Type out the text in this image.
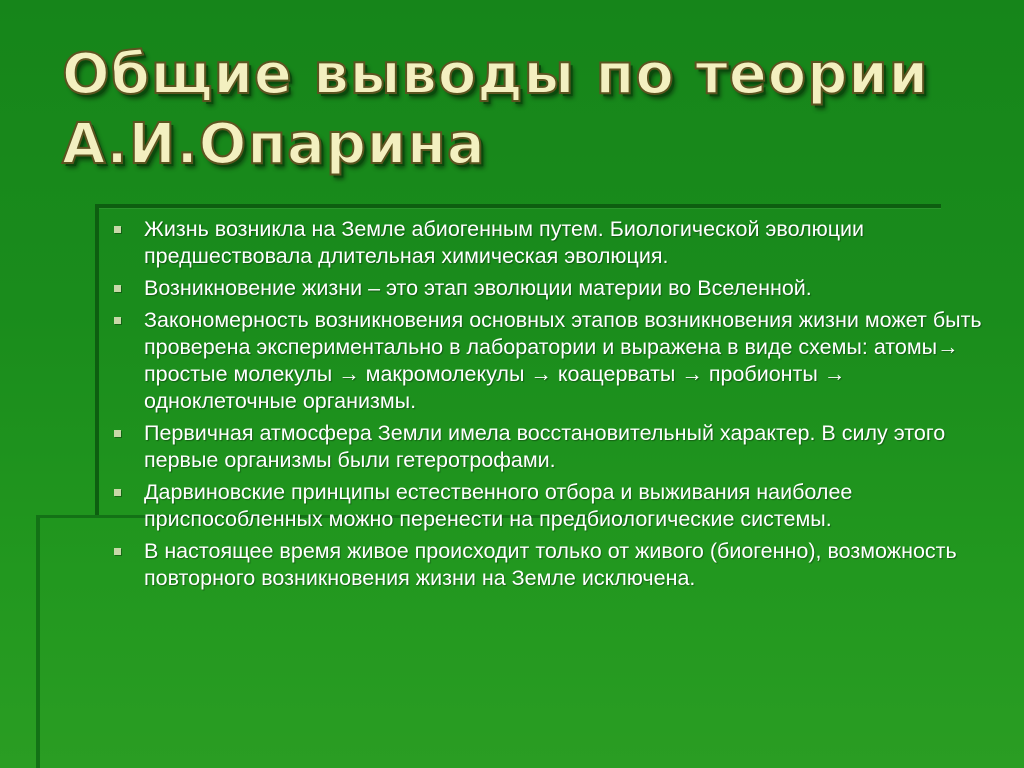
Общие выводы по теории
А.И.Опарина
Жизнь возникла на Земле абиогенным путем. Биологической эволюции предшествовала длительная химическая эволюция.
Возникновение жизни – это этап эволюции материи во Вселенной.
Закономерность возникновения основных этапов возникновения жизни может быть проверена экспериментально в лаборатории и выражена в виде схемы: атомы→ простые молекулы → макромолекулы → коацерваты → пробионты → одноклеточные организмы.
Первичная атмосфера Земли имела восстановительный характер. В силу этого первые организмы были гетеротрофами.
Дарвиновские принципы естественного отбора и выживания наиболее приспособленных можно перенести на предбиологические системы.
В настоящее время живое происходит только от живого (биогенно), возможность повторного возникновения жизни на Земле исключена.
